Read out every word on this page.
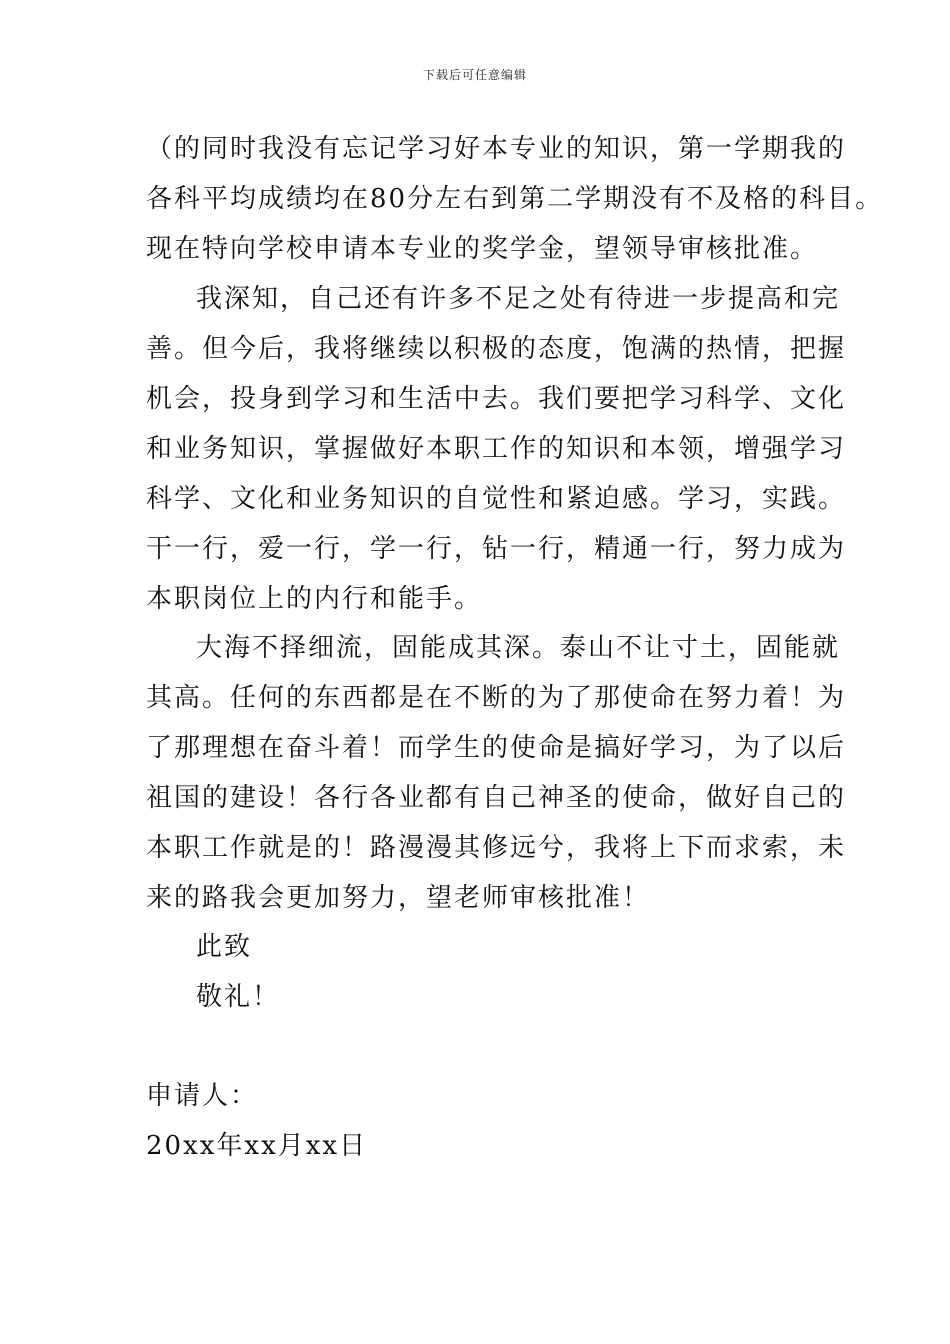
下载后可任意编辑
（的同时我没有忘记学习好本专业的知识，第一学期我的
各科平均成绩均在80分左右到第二学期没有不及格的科目。
现在特向学校申请本专业的奖学金，望领导审核批准。
我深知，自己还有许多不足之处有待进一步提高和完
善。但今后，我将继续以积极的态度，饱满的热情，把握
机会，投身到学习和生活中去。我们要把学习科学、文化
和业务知识，掌握做好本职工作的知识和本领，增强学习
科学、文化和业务知识的自觉性和紧迫感。学习，实践。
干一行，爱一行，学一行，钻一行，精通一行，努力成为
本职岗位上的内行和能手。
大海不择细流，固能成其深。泰山不让寸土，固能就
其高。任何的东西都是在不断的为了那使命在努力着！为
了那理想在奋斗着！而学生的使命是搞好学习，为了以后
祖国的建设！各行各业都有自己神圣的使命，做好自己的
本职工作就是的！路漫漫其修远兮，我将上下而求索，未
来的路我会更加努力，望老师审核批准！
此致
敬礼！
申请人：
20xx年xx月xx日
